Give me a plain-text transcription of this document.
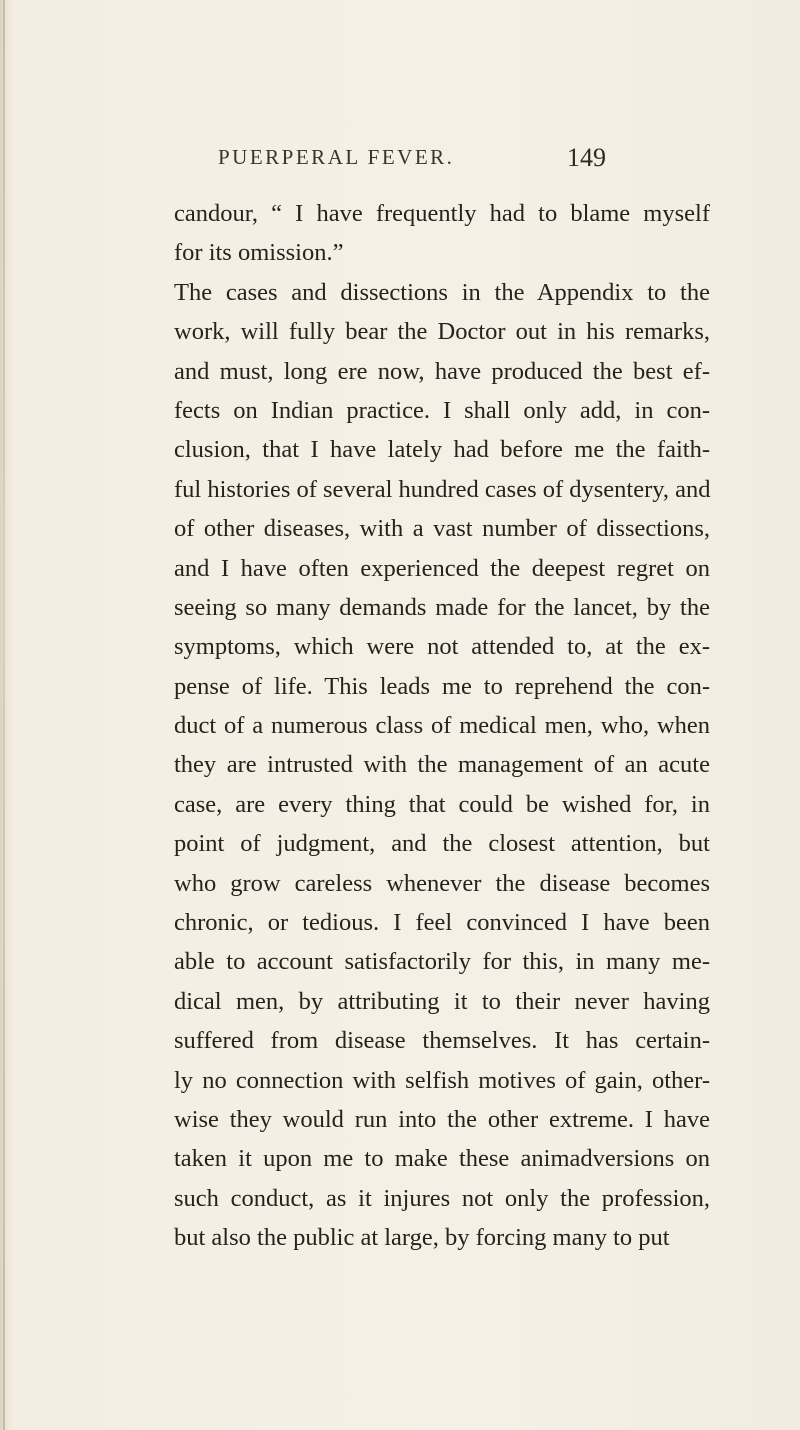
PUERPERAL FEVER.	149
candour, “ I have frequently had to blame myself
for its omission.”
The cases and dissections in the Appendix to the
work, will fully bear the Doctor out in his remarks,
and must, long ere now, have produced the best ef-
fects on Indian practice. I shall only add, in con-
clusion, that I have lately had before me the faith-
ful histories of several hundred cases of dysentery, and
of other diseases, with a vast number of dissections,
and I have often experienced the deepest regret on
seeing so many demands made for the lancet, by the
symptoms, which were not attended to, at the ex-
pense of life. This leads me to reprehend the con-
duct of a numerous class of medical men, who, when
they are intrusted with the management of an acute
case, are every thing that could be wished for, in
point of judgment, and the closest attention, but
who grow careless whenever the disease becomes
chronic, or tedious. I feel convinced I have been
able to account satisfactorily for this, in many me-
dical men, by attributing it to their never having
suffered from disease themselves. It has certain-
ly no connection with selfish motives of gain, other-
wise they would run into the other extreme. I have
taken it upon me to make these animadversions on
such conduct, as it injures not only the profession,
but also the public at large, by forcing many to put
